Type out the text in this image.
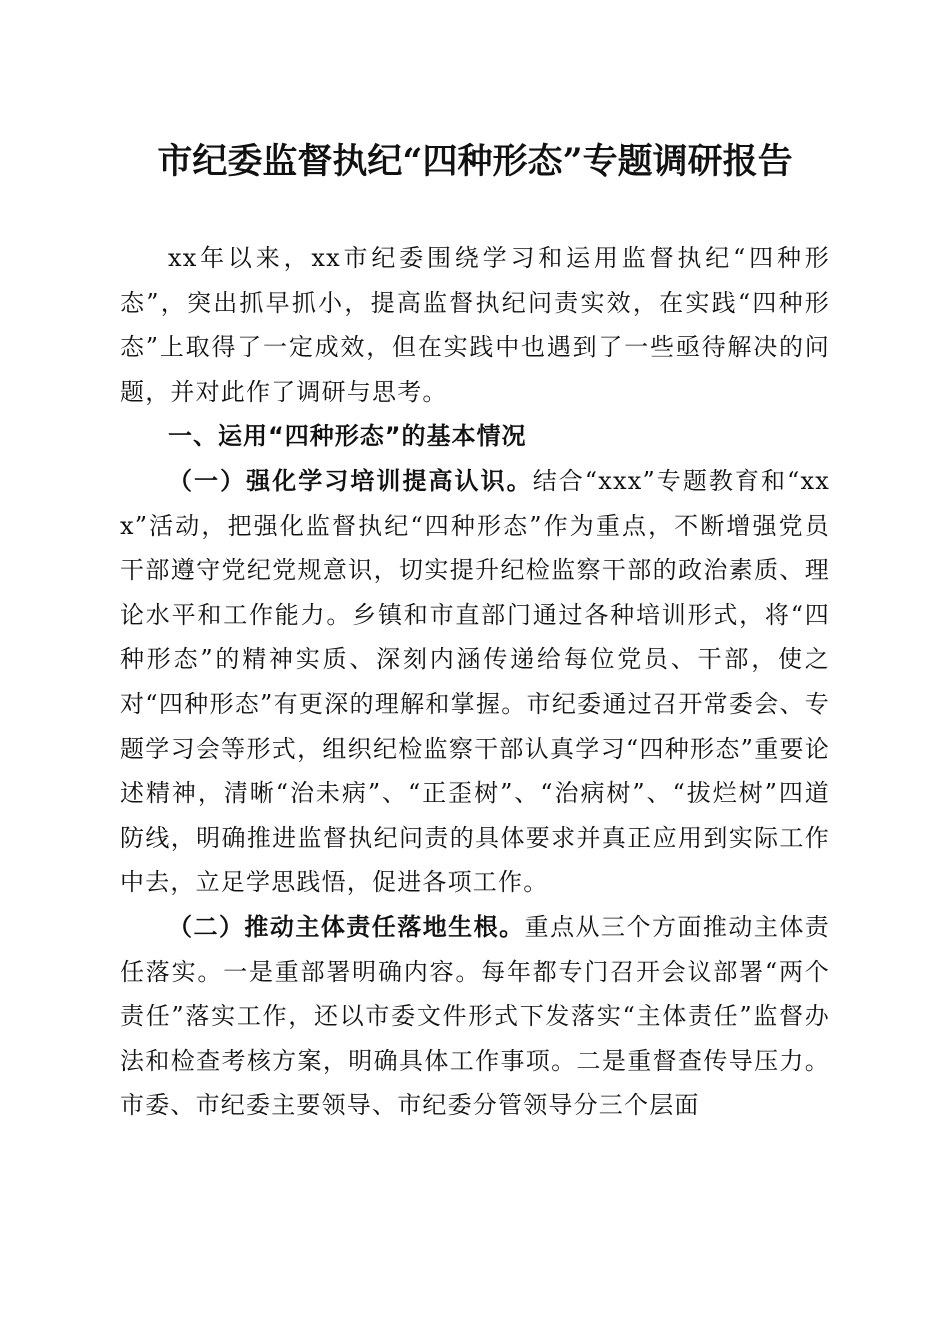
市纪委监督执纪“四种形态”专题调研报告

xx年以来，xx市纪委围绕学习和运用监督执纪“四种形态”，突出抓早抓小，提高监督执纪问责实效，在实践“四种形态”上取得了一定成效，但在实践中也遇到了一些亟待解决的问题，并对此作了调研与思考。

一、运用“四种形态”的基本情况

（一）强化学习培训提高认识。结合“xxx”专题教育和“xxx”活动，把强化监督执纪“四种形态”作为重点，不断增强党员干部遵守党纪党规意识，切实提升纪检监察干部的政治素质、理论水平和工作能力。乡镇和市直部门通过各种培训形式，将“四种形态”的精神实质、深刻内涵传递给每位党员、干部，使之对“四种形态”有更深的理解和掌握。市纪委通过召开常委会、专题学习会等形式，组织纪检监察干部认真学习“四种形态”重要论述精神，清晰“治未病”、“正歪树”、“治病树”、“拔烂树”四道防线，明确推进监督执纪问责的具体要求并真正应用到实际工作中去，立足学思践悟，促进各项工作。

（二）推动主体责任落地生根。重点从三个方面推动主体责任落实。一是重部署明确内容。每年都专门召开会议部署“两个责任”落实工作，还以市委文件形式下发落实“主体责任”监督办法和检查考核方案，明确具体工作事项。二是重督查传导压力。市委、市纪委主要领导、市纪委分管领导分三个层面
